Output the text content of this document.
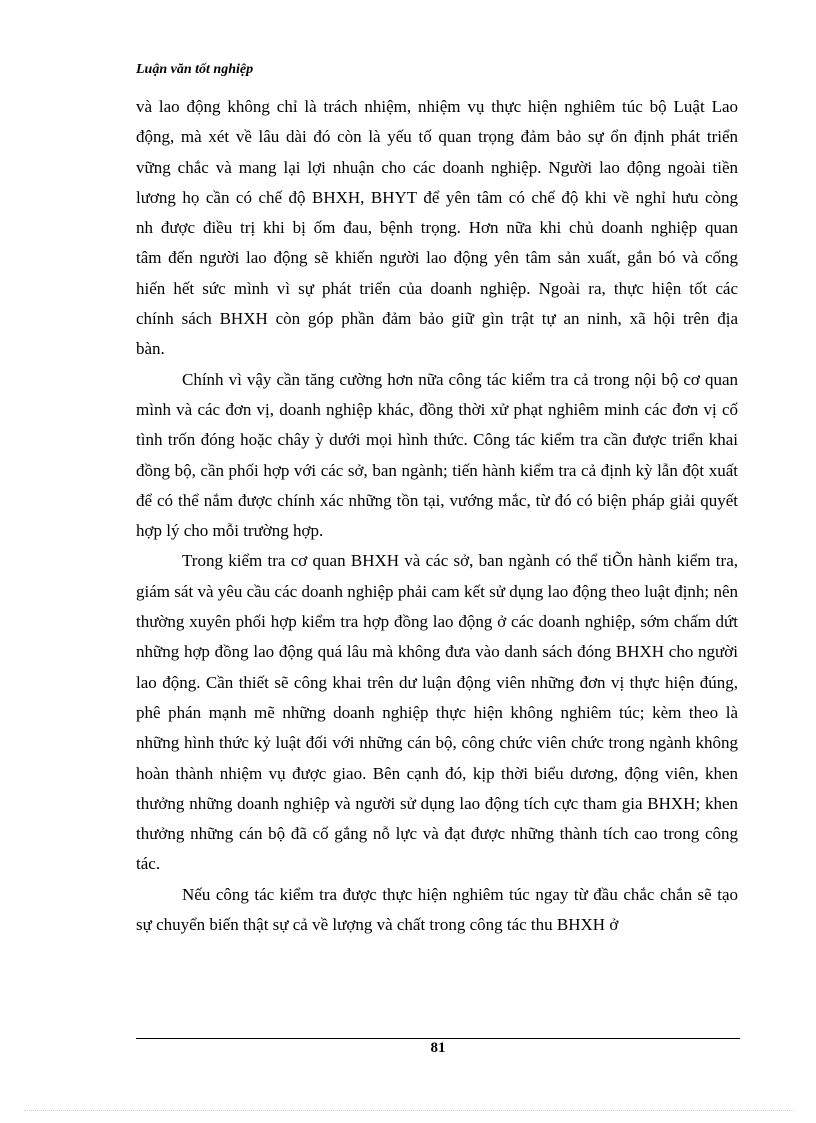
Luận văn tốt nghiệp

và lao động không chỉ là trách nhiệm, nhiệm vụ thực hiện nghiêm túc bộ Luật Lao động, mà xét về lâu dài đó còn là yếu tố quan trọng đảm bảo sự ổn định phát triển vững chắc và mang lại lợi nhuận cho các doanh nghiệp. Người lao động ngoài tiền lương họ cần có chế độ BHXH, BHYT để yên tâm có chế độ khi về nghỉ hưu còng nh được điều trị khi bị ốm đau, bệnh trọng. Hơn nữa khi chủ doanh nghiệp quan tâm đến người lao động sẽ khiến người lao động yên tâm sản xuất, gắn bó và cống hiến hết sức mình vì sự phát triển của doanh nghiệp. Ngoài ra, thực hiện tốt các chính sách BHXH còn góp phần đảm bảo giữ gìn trật tự an ninh, xã hội trên địa bàn.

Chính vì vậy cần tăng cường hơn nữa công tác kiểm tra cả trong nội bộ cơ quan mình và các đơn vị, doanh nghiệp khác, đồng thời xử phạt nghiêm minh các đơn vị cố tình trốn đóng hoặc chây ỳ dưới mọi hình thức. Công tác kiểm tra cần được triển khai đồng bộ, cần phối hợp với các sở, ban ngành; tiến hành kiểm tra cả định kỳ lẫn đột xuất để có thể nắm được chính xác những tồn tại, vướng mắc, từ đó có biện pháp giải quyết hợp lý cho mỗi trường hợp.

Trong kiểm tra cơ quan BHXH và các sở, ban ngành có thể tiÕn hành kiểm tra, giám sát và yêu cầu các doanh nghiệp phải cam kết sử dụng lao động theo luật định; nên thường xuyên phối hợp kiểm tra hợp đồng lao động ở các doanh nghiệp, sớm chấm dứt những hợp đồng lao động quá lâu mà không đưa vào danh sách đóng BHXH cho người lao động. Cần thiết sẽ công khai trên dư luận động viên những đơn vị thực hiện đúng, phê phán mạnh mẽ những doanh nghiệp thực hiện không nghiêm túc; kèm theo là những hình thức kỷ luật đối với những cán bộ, công chức viên chức trong ngành không hoàn thành nhiệm vụ được giao. Bên cạnh đó, kịp thời biểu dương, động viên, khen thưởng những doanh nghiệp và người sử dụng lao động tích cực tham gia BHXH; khen thưởng những cán bộ đã cố gắng nỗ lực và đạt được những thành tích cao trong công tác.

Nếu công tác kiểm tra được thực hiện nghiêm túc ngay từ đầu chắc chắn sẽ tạo sự chuyển biến thật sự cả về lượng và chất trong công tác thu BHXH ở

81
